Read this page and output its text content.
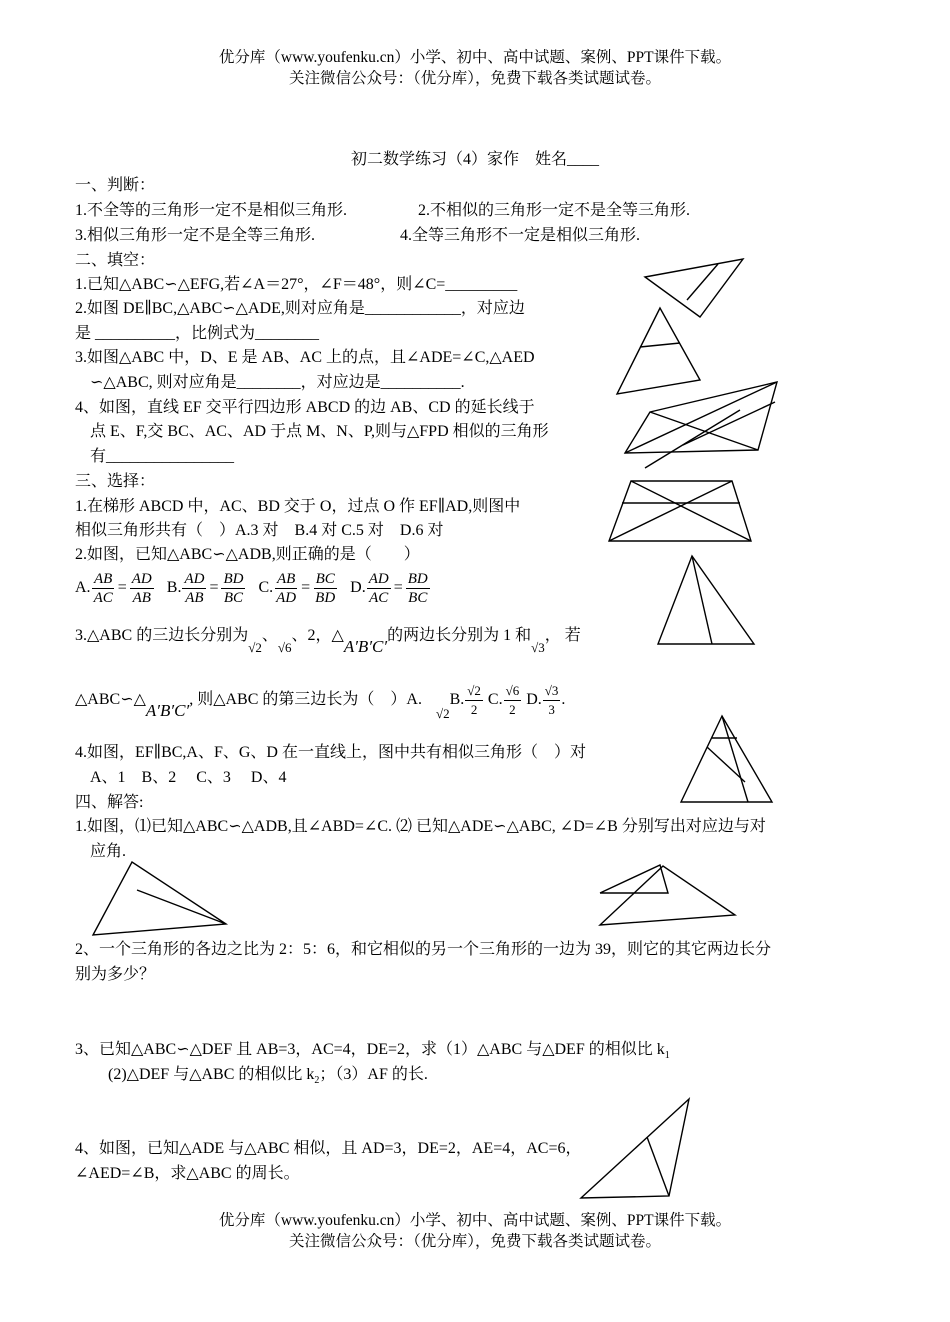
优分库（www.youfenku.cn）小学、初中、高中试题、案例、PPT课件下载。
关注微信公众号：（优分库），免费下载各类试题试卷。
初二数学练习（4）家作　姓名____
一、判断：
1.不全等的三角形一定不是相似三角形.	2.不相似的三角形一定不是全等三角形.
3.相似三角形一定不是全等三角形.	4.全等三角形不一定是相似三角形.
二、填空：
1.已知△ABC∽△EFG,若∠A＝27°，∠F＝48°，则∠C=_________
2.如图 DE∥BC,△ABC∽△ADE,则对应角是____________，对应边
是 __________，比例式为________
3.如图△ABC 中，D、E 是 AB、AC 上的点，且∠ADE=∠C,△AED
∽△ABC, 则对应角是________，对应边是__________.
4、如图，直线 EF 交平行四边形 ABCD 的边 AB、CD 的延长线于
点 E、F,交 BC、AC、AD 于点 M、N、P,则与△FPD 相似的三角形
有________________
三、选择：
1.在梯形 ABCD 中，AC、BD 交于 O，过点 O 作 EF∥AD,则图中
相似三角形共有（　）A.3 对　B.4 对 C.5 对　D.6 对
2.如图，已知△ABC∽△ADB,则正确的是（　　）
A. $\frac{AB}{AC} = \frac{AD}{AB} B$. $\frac{AD}{AB} = \frac{BD}{BC} C$. $\frac{AB}{AD} = \frac{BC}{BD} D$. $\frac{AD}{AC} = \frac{BD}{BC}$
3.△ABC 的三边长分别为$_{√2}$、$_{√6}$、2，△A′B′C′的两边长分别为 1 和$_{√3}$， 若
△ABC∽△A′B′C′, 则△ABC 的第三边长为（　）$A._{√2}B$. $\frac{√2}{2} C$. $\frac{√6}{2} D$. $\frac{√3}{3}$ .
4.如图，EF∥BC,A、F、G、D 在一直线上，图中共有相似三角形（　）对
A、1　B、2　 C、3　 D、4
四、解答:
1.如图，⑴已知△ABC∽△ADB,且∠ABD=∠C. ⑵ 已知△ADE∽△ABC, ∠D=∠B 分别写出对应边与对
应角.
2、一个三角形的各边之比为 2：5：6，和它相似的另一个三角形的一边为 39，则它的其它两边长分
别为多少？
3、已知△ABC∽△DEF 且 AB=3，AC=4，DE=2，求（1）△ABC 与△DEF 的相似比 $k_1$
(2)△DEF 与△ABC 的相似比 $k_2$；（3）AF 的长.
4、如图，已知△ADE 与△ABC 相似，且 AD=3，DE=2，AE=4，AC=6，
∠AED=∠B，求△ABC 的周长。
优分库（www.youfenku.cn）小学、初中、高中试题、案例、PPT课件下载。
关注微信公众号：（优分库），免费下载各类试题试卷。
